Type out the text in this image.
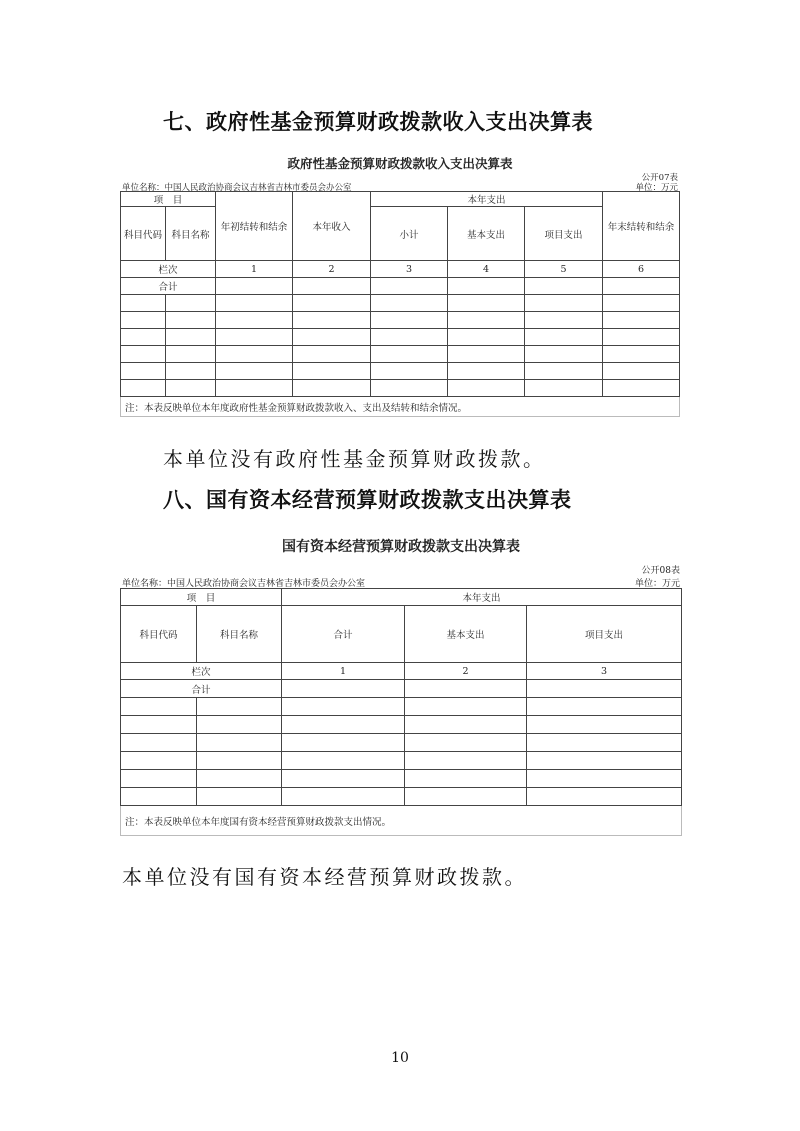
七、政府性基金预算财政拨款收入支出决算表
政府性基金预算财政拨款收入支出决算表
公开07表
单位名称：中国人民政治协商会议吉林省吉林市委员会办公室	单位：万元
项　目		年初结转和结余	本年收入	本年支出			年末结转和结余
科目代码	科目名称			小计	基本支出	项目支出	
栏次		1	2	3	4	5	6
合计							

注：本表反映单位本年度政府性基金预算财政拨款收入、支出及结转和结余情况。							
本单位没有政府性基金预算财政拨款。
八、国有资本经营预算财政拨款支出决算表
国有资本经营预算财政拨款支出决算表
公开08表
单位名称：中国人民政治协商会议吉林省吉林市委员会办公室	单位：万元
项　目		本年支出		
科目代码	科目名称	合计	基本支出	项目支出
栏次		1	2	3
合计				

注：本表反映单位本年度国有资本经营预算财政拨款支出情况。				
本单位没有国有资本经营预算财政拨款。
10
